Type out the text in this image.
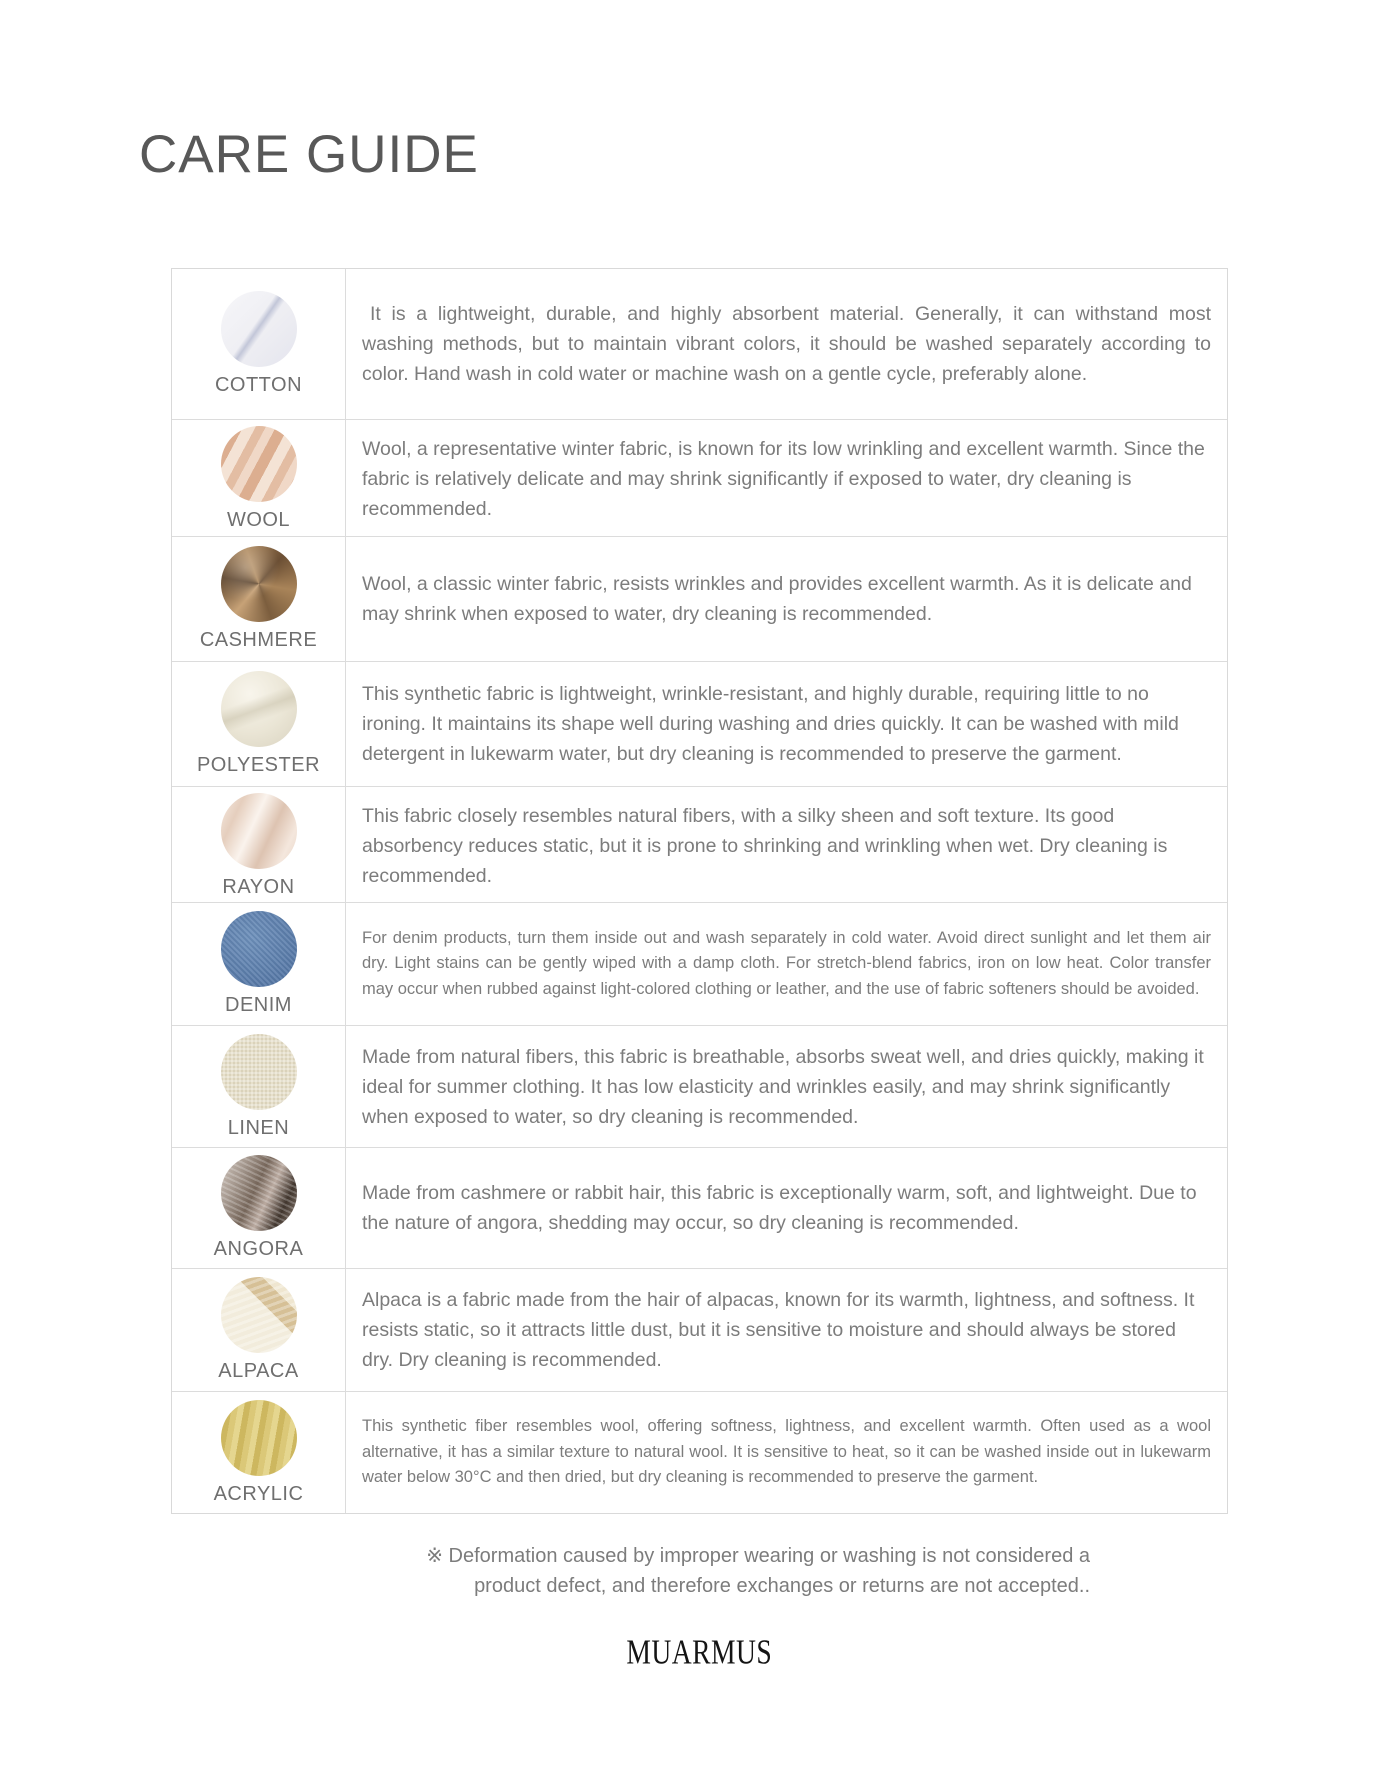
CARE GUIDE
COTTON

It is a lightweight, durable, and highly absorbent material. Generally, it can withstand most washing methods, but to maintain vibrant colors, it should be washed separately according to color. Hand wash in cold water or machine wash on a gentle cycle, preferably alone.

WOOL

Wool, a representative winter fabric, is known for its low wrinkling and excellent warmth. Since the fabric is relatively delicate and may shrink significantly if exposed to water, dry cleaning is recommended.

CASHMERE

Wool, a classic winter fabric, resists wrinkles and provides excellent warmth. As it is delicate and may shrink when exposed to water, dry cleaning is recommended.

POLYESTER

This synthetic fabric is lightweight, wrinkle-resistant, and highly durable, requiring little to no ironing. It maintains its shape well during washing and dries quickly. It can be washed with mild detergent in lukewarm water, but dry cleaning is recommended to preserve the garment.

RAYON

This fabric closely resembles natural fibers, with a silky sheen and soft texture. Its good absorbency reduces static, but it is prone to shrinking and wrinkling when wet. Dry cleaning is recommended.

DENIM

For denim products, turn them inside out and wash separately in cold water. Avoid direct sunlight and let them air dry. Light stains can be gently wiped with a damp cloth. For stretch-blend fabrics, iron on low heat. Color transfer may occur when rubbed against light-colored clothing or leather, and the use of fabric softeners should be avoided.

LINEN

Made from natural fibers, this fabric is breathable, absorbs sweat well, and dries quickly, making it ideal for summer clothing. It has low elasticity and wrinkles easily, and may shrink significantly when exposed to water, so dry cleaning is recommended.

ANGORA

Made from cashmere or rabbit hair, this fabric is exceptionally warm, soft, and lightweight. Due to the nature of angora, shedding may occur, so dry cleaning is recommended.

ALPACA

Alpaca is a fabric made from the hair of alpacas, known for its warmth, lightness, and softness. It resists static, so it attracts little dust, but it is sensitive to moisture and should always be stored dry. Dry cleaning is recommended.

ACRYLIC

This synthetic fiber resembles wool, offering softness, lightness, and excellent warmth. Often used as a wool alternative, it has a similar texture to natural wool. It is sensitive to heat, so it can be washed inside out in lukewarm water below 30°C and then dried, but dry cleaning is recommended to preserve the garment.

※ Deformation caused by improper wearing or washing is not considered a product defect, and therefore exchanges or returns are not accepted..

MUARMUS
